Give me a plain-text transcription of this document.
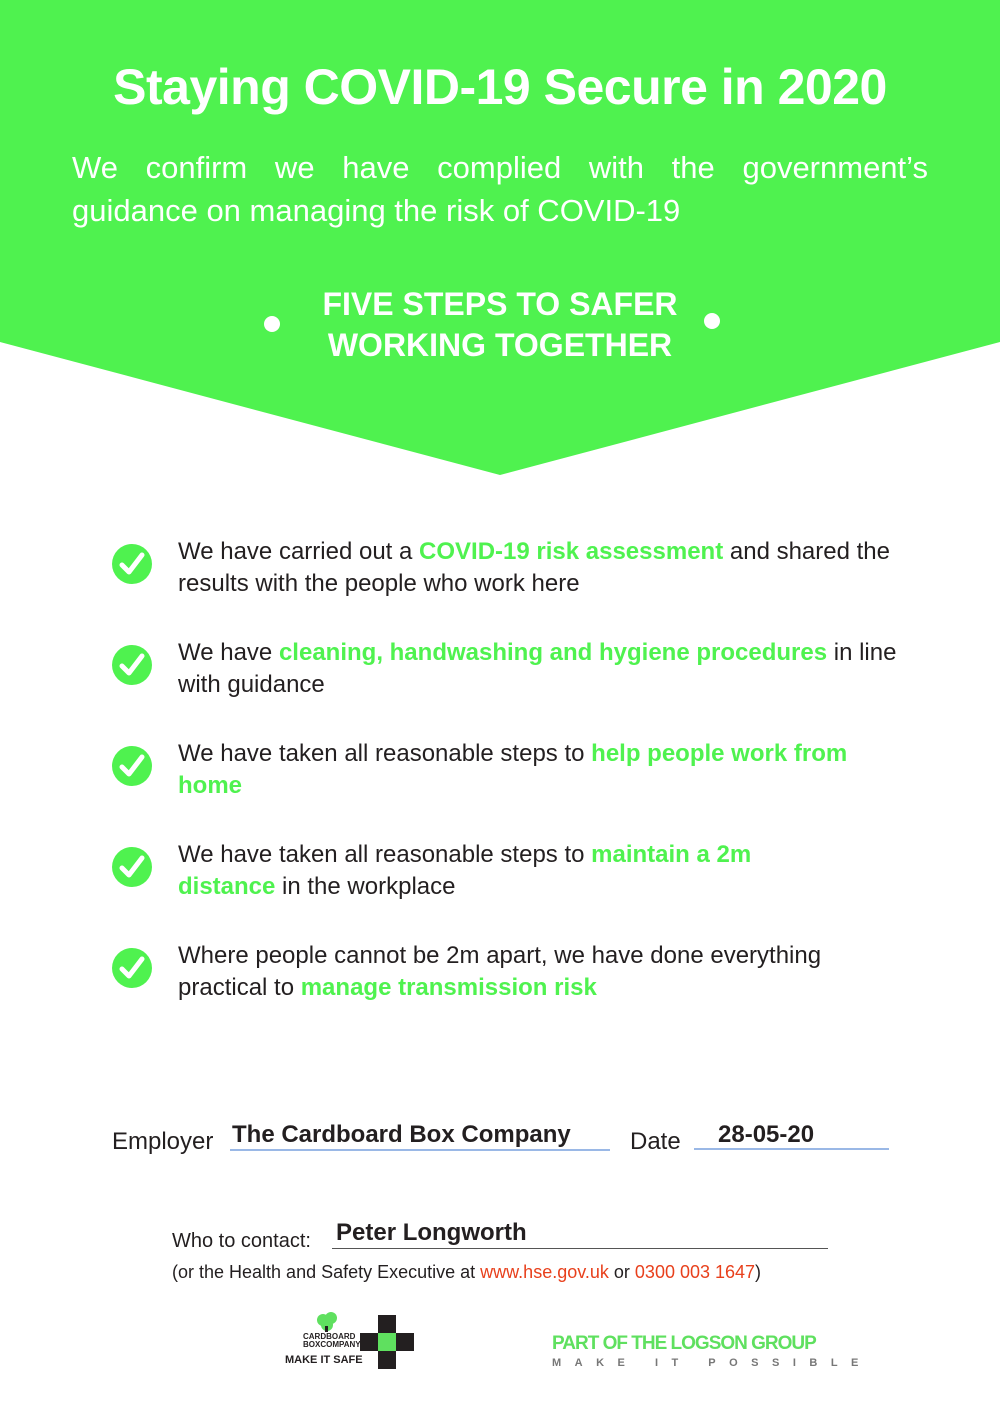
Staying COVID-19 Secure in 2020

We confirm we have complied with the government’s guidance on managing the risk of COVID-19

FIVE STEPS TO SAFER
WORKING TOGETHER
We have carried out a COVID-19 risk assessment and shared the results with the people who work here
We have cleaning, handwashing and hygiene procedures in line with guidance
We have taken all reasonable steps to help people work from home
We have taken all reasonable steps to maintain a 2m distance in the workplace
Where people cannot be 2m apart, we have done everything practical to manage transmission risk
Employer The Cardboard Box Company Date 28-05-20
Who to contact: Peter Longworth
(or the Health and Safety Executive at www.hse.gov.uk or 0300 003 1647)
CARDBOARD
BOXCOMPANY
MAKE IT SAFE
PART OF THE LOGSON GROUP
MAKE IT POSSIBLE
